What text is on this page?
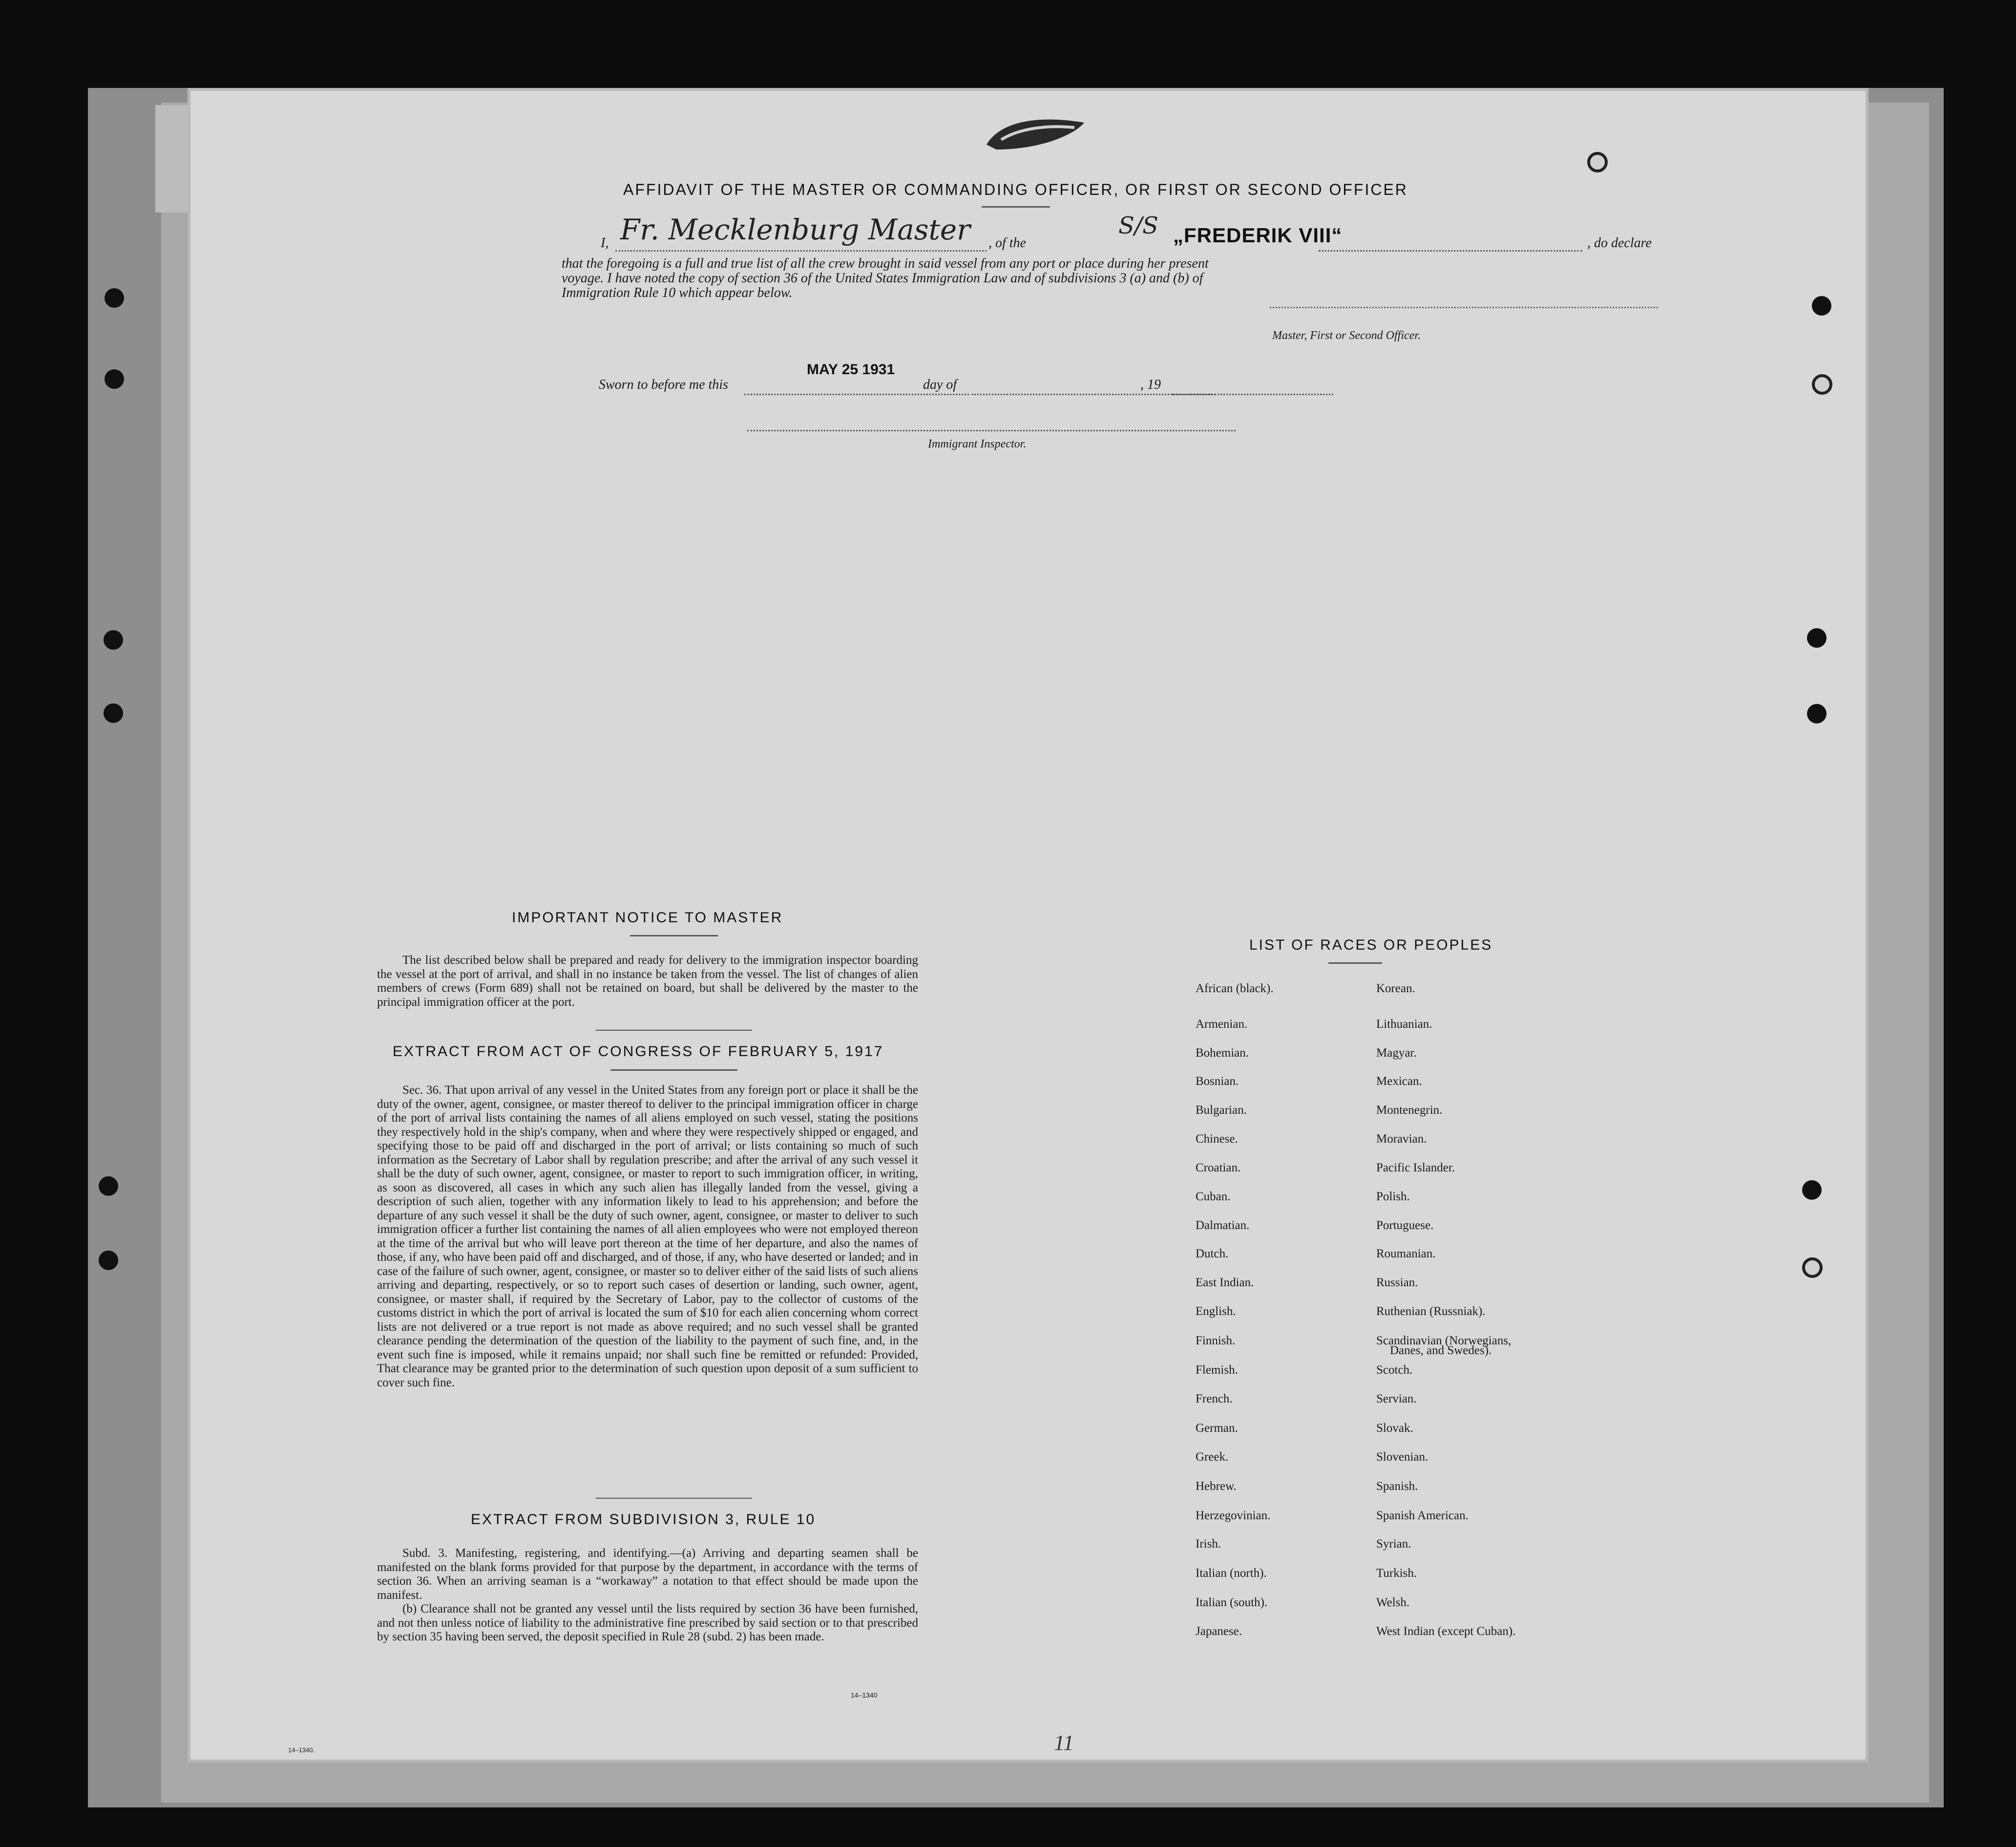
AFFIDAVIT OF THE MASTER OR COMMANDING OFFICER, OR FIRST OR SECOND OFFICER
I, Fr. Mecklenburg Master , of the
S/S „FREDERIK VIII“	, do declare
that the foregoing is a full and true list of all the crew brought in said vessel from any port or place during her present
voyage. I have noted the copy of section 36 of the United States Immigration Law and of subdivisions 3 (a) and (b) of
Immigration Rule 10 which appear below.
Master, First or Second Officer.
Sworn to before me this
MAY 25 1931
day of	, 19
Immigrant Inspector.
IMPORTANT NOTICE TO MASTER

The list described below shall be prepared and ready for delivery to the immigration inspector boarding the vessel at the port of arrival, and shall in no instance be taken from the vessel. The list of changes of alien members of crews (Form 689) shall not be retained on board, but shall be delivered by the master to the principal immigration officer at the port.

EXTRACT FROM ACT OF CONGRESS OF FEBRUARY 5, 1917

Sec. 36. That upon arrival of any vessel in the United States from any foreign port or place it shall be the duty of the owner, agent, consignee, or master thereof to deliver to the principal immigration officer in charge of the port of arrival lists containing the names of all aliens employed on such vessel, stating the positions they respectively hold in the ship's company, when and where they were respectively shipped or engaged, and specifying those to be paid off and discharged in the port of arrival; or lists containing so much of such information as the Secretary of Labor shall by regulation prescribe; and after the arrival of any such vessel it shall be the duty of such owner, agent, consignee, or master to report to such immigration officer, in writing, as soon as discovered, all cases in which any such alien has illegally landed from the vessel, giving a description of such alien, together with any information likely to lead to his apprehension; and before the departure of any such vessel it shall be the duty of such owner, agent, consignee, or master to deliver to such immigration officer a further list containing the names of all alien employees who were not employed thereon at the time of the arrival but who will leave port thereon at the time of her departure, and also the names of those, if any, who have been paid off and discharged, and of those, if any, who have deserted or landed; and in case of the failure of such owner, agent, consignee, or master so to deliver either of the said lists of such aliens arriving and departing, respectively, or so to report such cases of desertion or landing, such owner, agent, consignee, or master shall, if required by the Secretary of Labor, pay to the collector of customs of the customs district in which the port of arrival is located the sum of $10 for each alien concerning whom correct lists are not delivered or a true report is not made as above required; and no such vessel shall be granted clearance pending the determination of the question of the liability to the payment of such fine, and, in the event such fine is imposed, while it remains unpaid; nor shall such fine be remitted or refunded: Provided, That clearance may be granted prior to the determination of such question upon deposit of a sum sufficient to cover such fine.

EXTRACT FROM SUBDIVISION 3, RULE 10

Subd. 3. Manifesting, registering, and identifying.—(a) Arriving and departing seamen shall be manifested on the blank forms provided for that purpose by the department, in accordance with the terms of section 36. When an arriving seaman is a “workaway” a notation to that effect should be made upon the manifest.

(b) Clearance shall not be granted any vessel until the lists required by section 36 have been furnished, and not then unless notice of liability to the administrative fine prescribed by said section or to that prescribed by section 35 having been served, the deposit specified in Rule 28 (subd. 2) has been made.

14–1340
LIST OF RACES OR PEOPLES
African (black).
Armenian.
Bohemian.
Bosnian.
Bulgarian.
Chinese.
Croatian.
Cuban.
Dalmatian.
Dutch.
East Indian.
English.
Finnish.
Flemish.
French.
German.
Greek.
Hebrew.
Herzegovinian.
Irish.
Italian (north).
Italian (south).
Japanese.
Korean.
Lithuanian.
Magyar.
Mexican.
Montenegrin.
Moravian.
Pacific Islander.
Polish.
Portuguese.
Roumanian.
Russian.
Ruthenian (Russniak).
Scandinavian (Norwegians,
Scotch.
Servian.
Slovak.
Slovenian.
Spanish.
Spanish American.
Syrian.
Turkish.
Welsh.
West Indian (except Cuban).
Danes, and Swedes).
11
14–1340.
